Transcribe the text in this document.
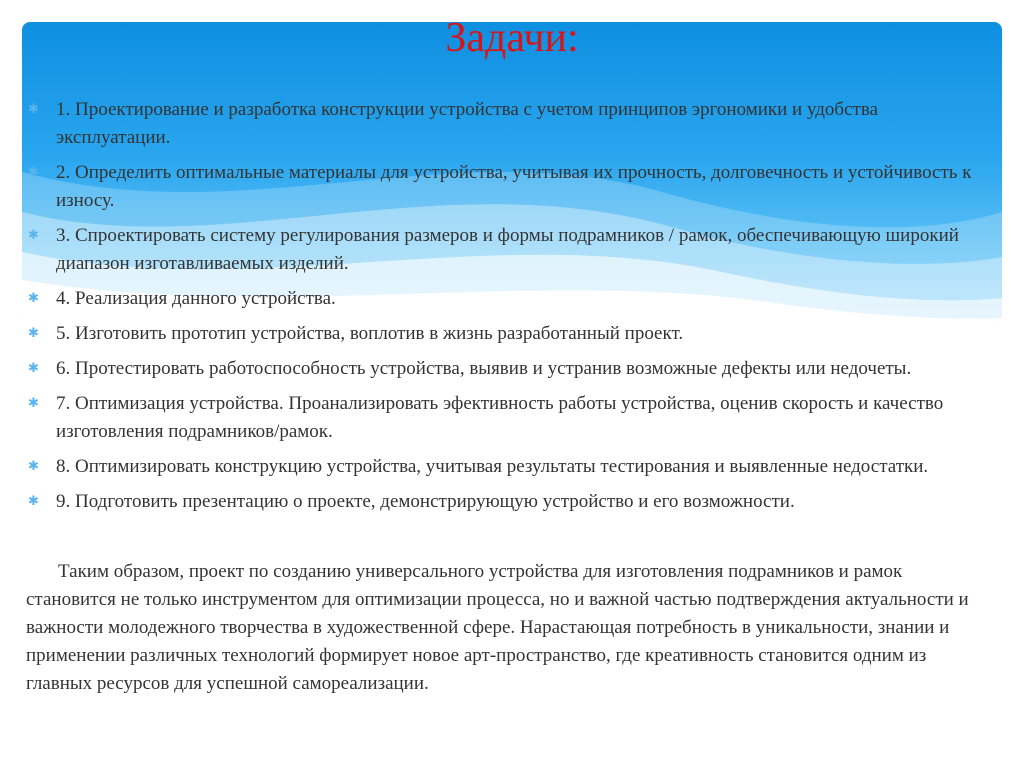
Задачи:
✱ 1. Проектирование и разработка конструкции устройства с учетом принципов эргономики и удобства эксплуатации.
✱ 2. Определить оптимальные материалы для устройства, учитывая их прочность, долговечность и устойчивость к износу.
✱ 3. Спроектировать систему регулирования размеров и формы подрамников / рамок, обеспечивающую широкий диапазон изготавливаемых изделий.
✱ 4. Реализация данного устройства.
✱ 5. Изготовить прототип устройства, воплотив в жизнь разработанный проект.
✱ 6. Протестировать работоспособность устройства, выявив и устранив возможные дефекты или недочеты.
✱ 7. Оптимизация устройства. Проанализировать эфективность работы устройства, оценив скорость и качество изготовления подрамников/рамок.
✱ 8. Оптимизировать конструкцию устройства, учитывая результаты тестирования и выявленные недостатки.
✱ 9. Подготовить презентацию о проекте, демонстрирующую устройство и его возможности.

Таким образом, проект по созданию универсального устройства для изготовления подрамников и рамок становится не только инструментом для оптимизации процесса, но и важной частью подтверждения актуальности и важности молодежного творчества в художественной сфере. Нарастающая потребность в уникальности, знании и применении различных технологий формирует новое арт-пространство, где креативность становится одним из главных ресурсов для успешной самореализации.
